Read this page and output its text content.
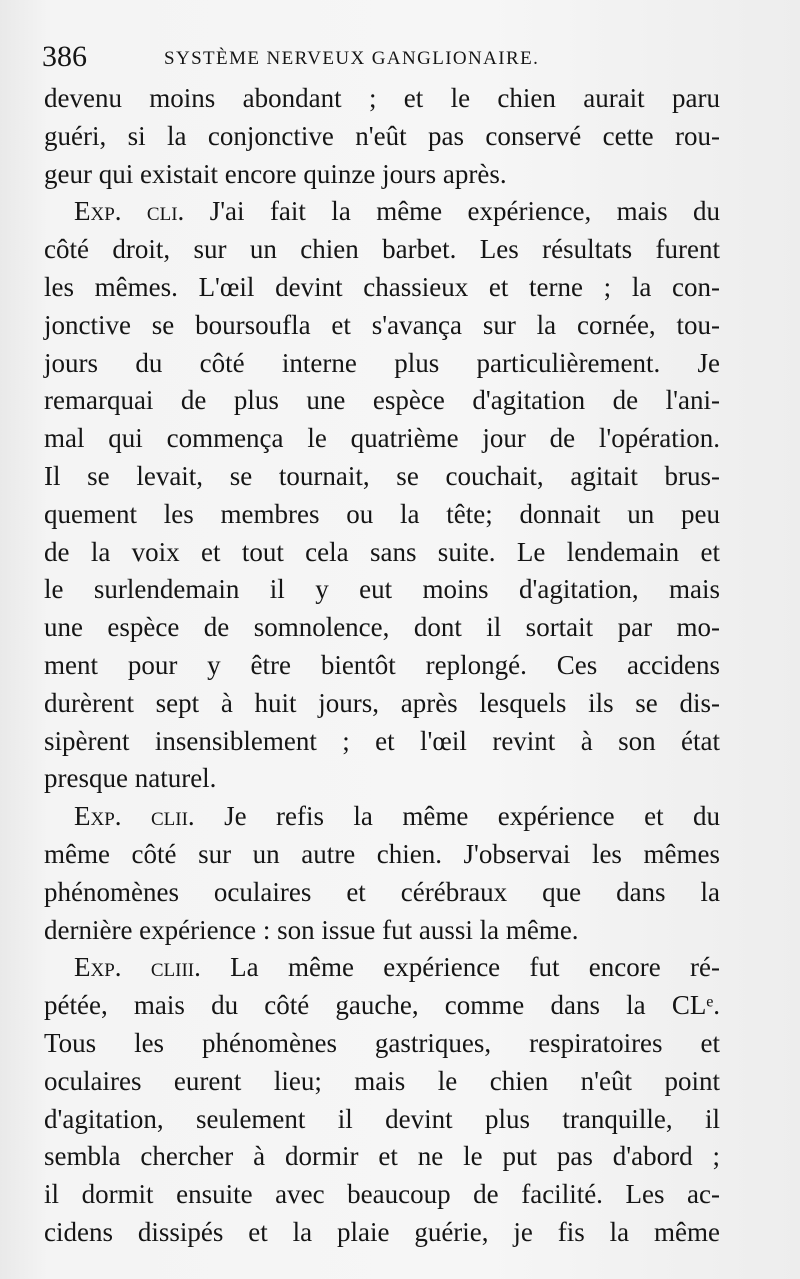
386	SYSTÈME NERVEUX GANGLIONAIRE.
devenu moins abondant ; et le chien aurait paru
guéri, si la conjonctive n'eût pas conservé cette rou-
geur qui existait encore quinze jours après.
Exp. cli. J'ai fait la même expérience, mais du
côté droit, sur un chien barbet. Les résultats furent
les mêmes. L'œil devint chassieux et terne ; la con-
jonctive se boursoufla et s'avança sur la cornée, tou-
jours du côté interne plus particulièrement. Je
remarquai de plus une espèce d'agitation de l'ani-
mal qui commença le quatrième jour de l'opération.
Il se levait, se tournait, se couchait, agitait brus-
quement les membres ou la tête; donnait un peu
de la voix et tout cela sans suite. Le lendemain et
le surlendemain il y eut moins d'agitation, mais
une espèce de somnolence, dont il sortait par mo-
ment pour y être bientôt replongé. Ces accidens
durèrent sept à huit jours, après lesquels ils se dis-
sipèrent insensiblement ; et l'œil revint à son état
presque naturel.
Exp. clii. Je refis la même expérience et du
même côté sur un autre chien. J'observai les mêmes
phénomènes oculaires et cérébraux que dans la
dernière expérience : son issue fut aussi la même.
Exp. cliii. La même expérience fut encore ré-
pétée, mais du côté gauche, comme dans la CLᵉ.
Tous les phénomènes gastriques, respiratoires et
oculaires eurent lieu; mais le chien n'eût point
d'agitation, seulement il devint plus tranquille, il
sembla chercher à dormir et ne le put pas d'abord ;
il dormit ensuite avec beaucoup de facilité. Les ac-
cidens dissipés et la plaie guérie, je fis la même
